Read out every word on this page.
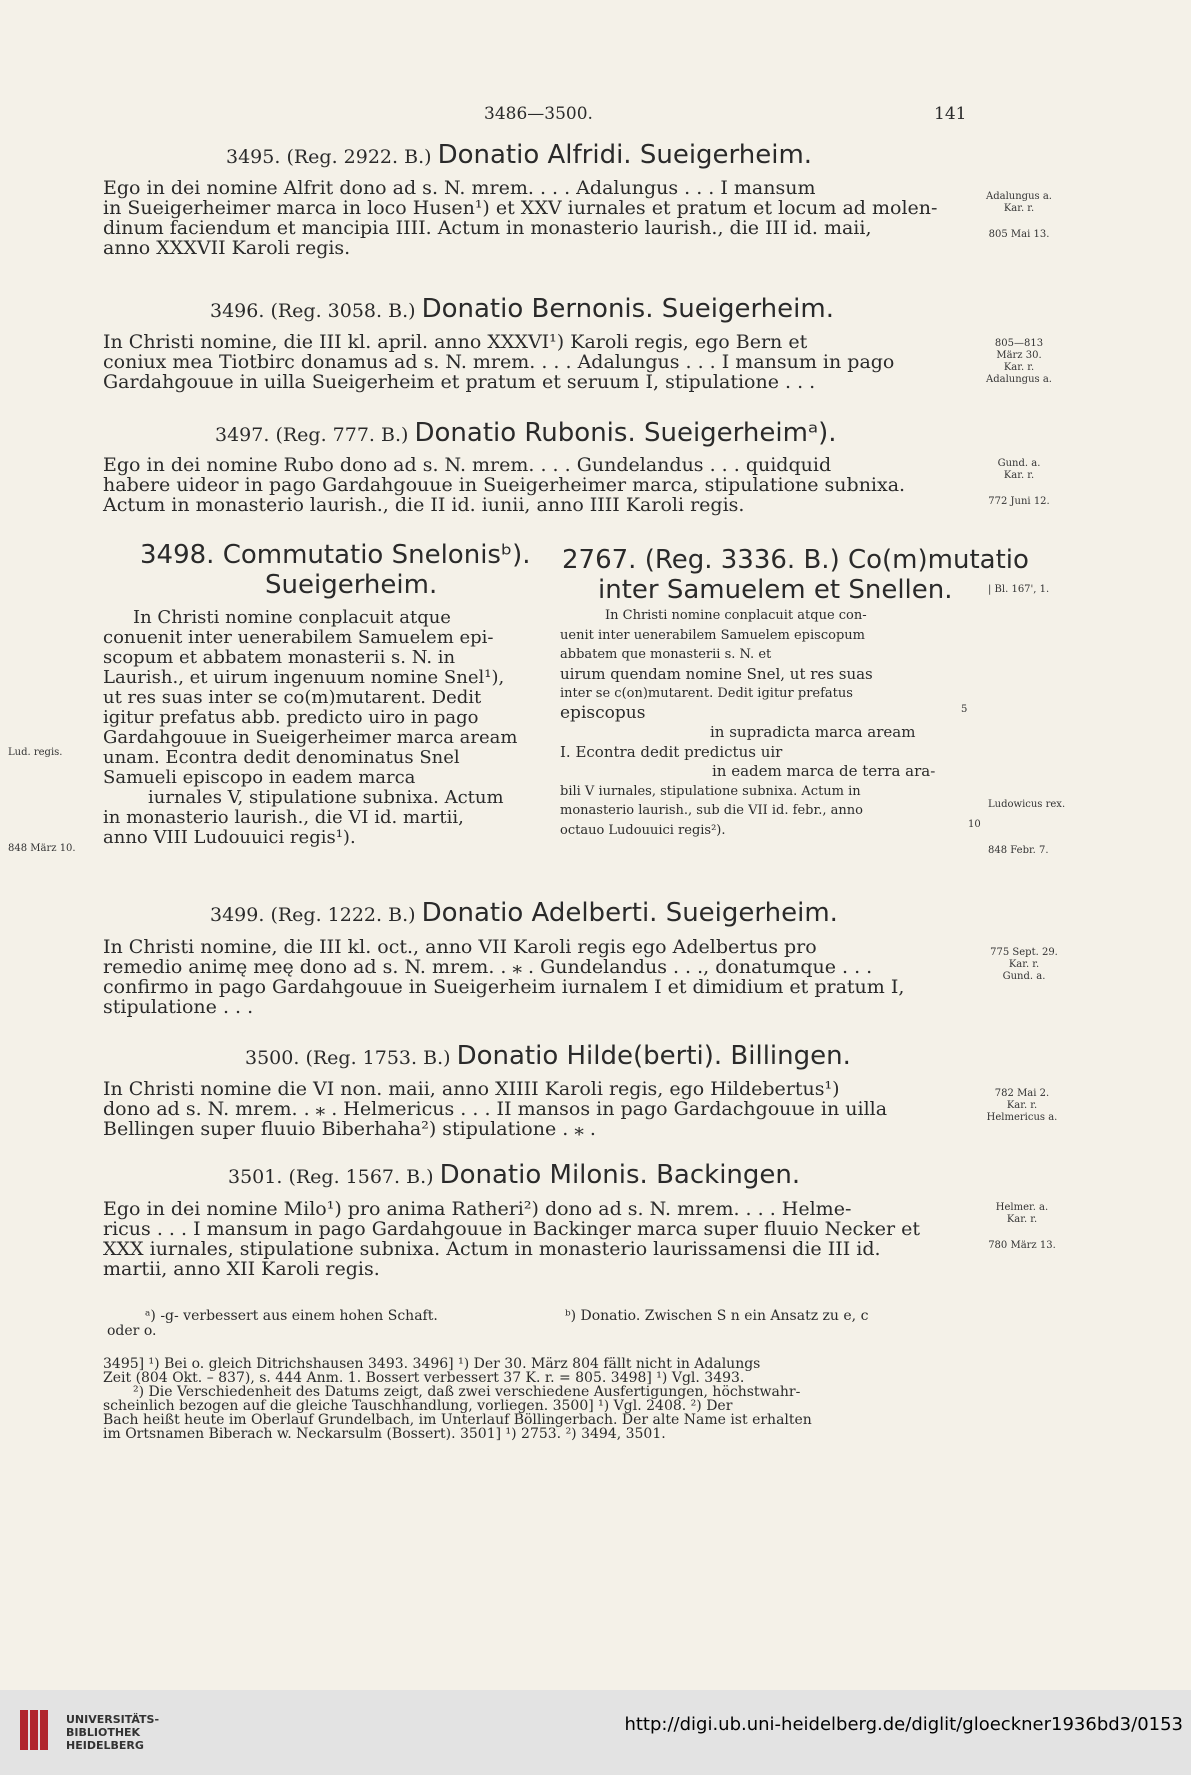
3486—3500.	141
3495. (Reg. 2922. B.) Donatio Alfridi. Sueigerheim.
Ego in dei nomine Alfrit dono ad s. N. mrem. . . . Adalungus . . . I mansum
in Sueigerheimer marca in loco Husen¹) et XXV iurnales et pratum et locum ad molen-
dinum faciendum et mancipia IIII. Actum in monasterio laurish., die III id. maii,
anno XXXVII Karoli regis.
Adalungus a.
Kar. r.
805 Mai 13.
3496. (Reg. 3058. B.) Donatio Bernonis. Sueigerheim.
In Christi nomine, die III kl. april. anno XXXVI¹) Karoli regis, ego Bern et
coniux mea Tiotbirc donamus ad s. N. mrem. . . . Adalungus . . . I mansum in pago
Gardahgouue in uilla Sueigerheim et pratum et seruum I, stipulatione . . .
805—813
März 30.
Kar. r.
Adalungus a.
3497. (Reg. 777. B.) Donatio Rubonis. Sueigerheimᵃ).
Ego in dei nomine Rubo dono ad s. N. mrem. . . . Gundelandus . . . quidquid
habere uideor in pago Gardahgouue in Sueigerheimer marca, stipulatione subnixa.
Actum in monasterio laurish., die II id. iunii, anno IIII Karoli regis.
Gund. a.
Kar. r.
772 Juni 12.
3498. Commutatio Snelonisᵇ).
Sueigerheim.
In Christi nomine conplacuit atque
conuenit inter uenerabilem Samuelem epi-
scopum et abbatem monasterii s. N. in
Laurish., et uirum ingenuum nomine Snel¹),
ut res suas inter se co(m)mutarent. Dedit
igitur prefatus abb. predicto uiro in pago
Gardahgouue in Sueigerheimer marca aream
unam. Econtra dedit denominatus Snel
Samueli episcopo in eadem marca
iurnales V, stipulatione subnixa. Actum
in monasterio laurish., die VI id. martii,
anno VIII Ludouuici regis¹).
Lud. regis.
848 März 10.
2767. (Reg. 3336. B.) Co(m)mutatio
inter Samuelem et Snellen.
In Christi nomine conplacuit atque con-
uenit inter uenerabilem Samuelem episcopum
abbatem que monasterii s. N. et
uirum quendam nomine Snel, ut res suas
inter se c(on)mutarent. Dedit igitur prefatus
episcopus
in supradicta marca aream
I. Econtra dedit predictus uir
in eadem marca de terra ara-
bili V iurnales, stipulatione subnixa. Actum in
monasterio laurish., sub die VII id. febr., anno
octauo Ludouuici regis²).
5
10
| Bl. 167', 1.
Ludowicus rex.
848 Febr. 7.
3499. (Reg. 1222. B.) Donatio Adelberti. Sueigerheim.
In Christi nomine, die III kl. oct., anno VII Karoli regis ego Adelbertus pro
remedio animę meę dono ad s. N. mrem. . ⁎ . Gundelandus . . ., donatumque . . .
confirmo in pago Gardahgouue in Sueigerheim iurnalem I et dimidium et pratum I,
stipulatione . . .
775 Sept. 29.
Kar. r.
Gund. a.
3500. (Reg. 1753. B.) Donatio Hilde(berti). Billingen.
In Christi nomine die VI non. maii, anno XIIII Karoli regis, ego Hildebertus¹)
dono ad s. N. mrem. . ⁎ . Helmericus . . . II mansos in pago Gardachgouue in uilla
Bellingen super fluuio Biberhaha²) stipulatione . ⁎ .
782 Mai 2.
Kar. r.
Helmericus a.
3501. (Reg. 1567. B.) Donatio Milonis. Backingen.
Ego in dei nomine Milo¹) pro anima Ratheri²) dono ad s. N. mrem. . . . Helme-
ricus . . . I mansum in pago Gardahgouue in Backinger marca super fluuio Necker et
XXX iurnales, stipulatione subnixa. Actum in monasterio laurissamensi die III id.
martii, anno XII Karoli regis.
Helmer. a.
Kar. r.
780 März 13.
ᵃ) -g- verbessert aus einem hohen Schaft.	ᵇ) Donatio. Zwischen S n ein Ansatz zu e, c
oder o.
3495] ¹) Bei o. gleich Ditrichshausen 3493. 3496] ¹) Der 30. März 804 fällt nicht in Adalungs
Zeit (804 Okt. – 837), s. 444 Anm. 1. Bossert verbessert 37 K. r. = 805. 3498] ¹) Vgl. 3493.
²) Die Verschiedenheit des Datums zeigt, daß zwei verschiedene Ausfertigungen, höchstwahr-
scheinlich bezogen auf die gleiche Tauschhandlung, vorliegen. 3500] ¹) Vgl. 2408. ²) Der
Bach heißt heute im Oberlauf Grundelbach, im Unterlauf Böllingerbach. Der alte Name ist erhalten
im Ortsnamen Biberach w. Neckarsulm (Bossert). 3501] ¹) 2753. ²) 3494, 3501.
UNIVERSITÄTS-
BIBLIOTHEK
HEIDELBERG
http://digi.ub.uni-heidelberg.de/diglit/gloeckner1936bd3/0153
